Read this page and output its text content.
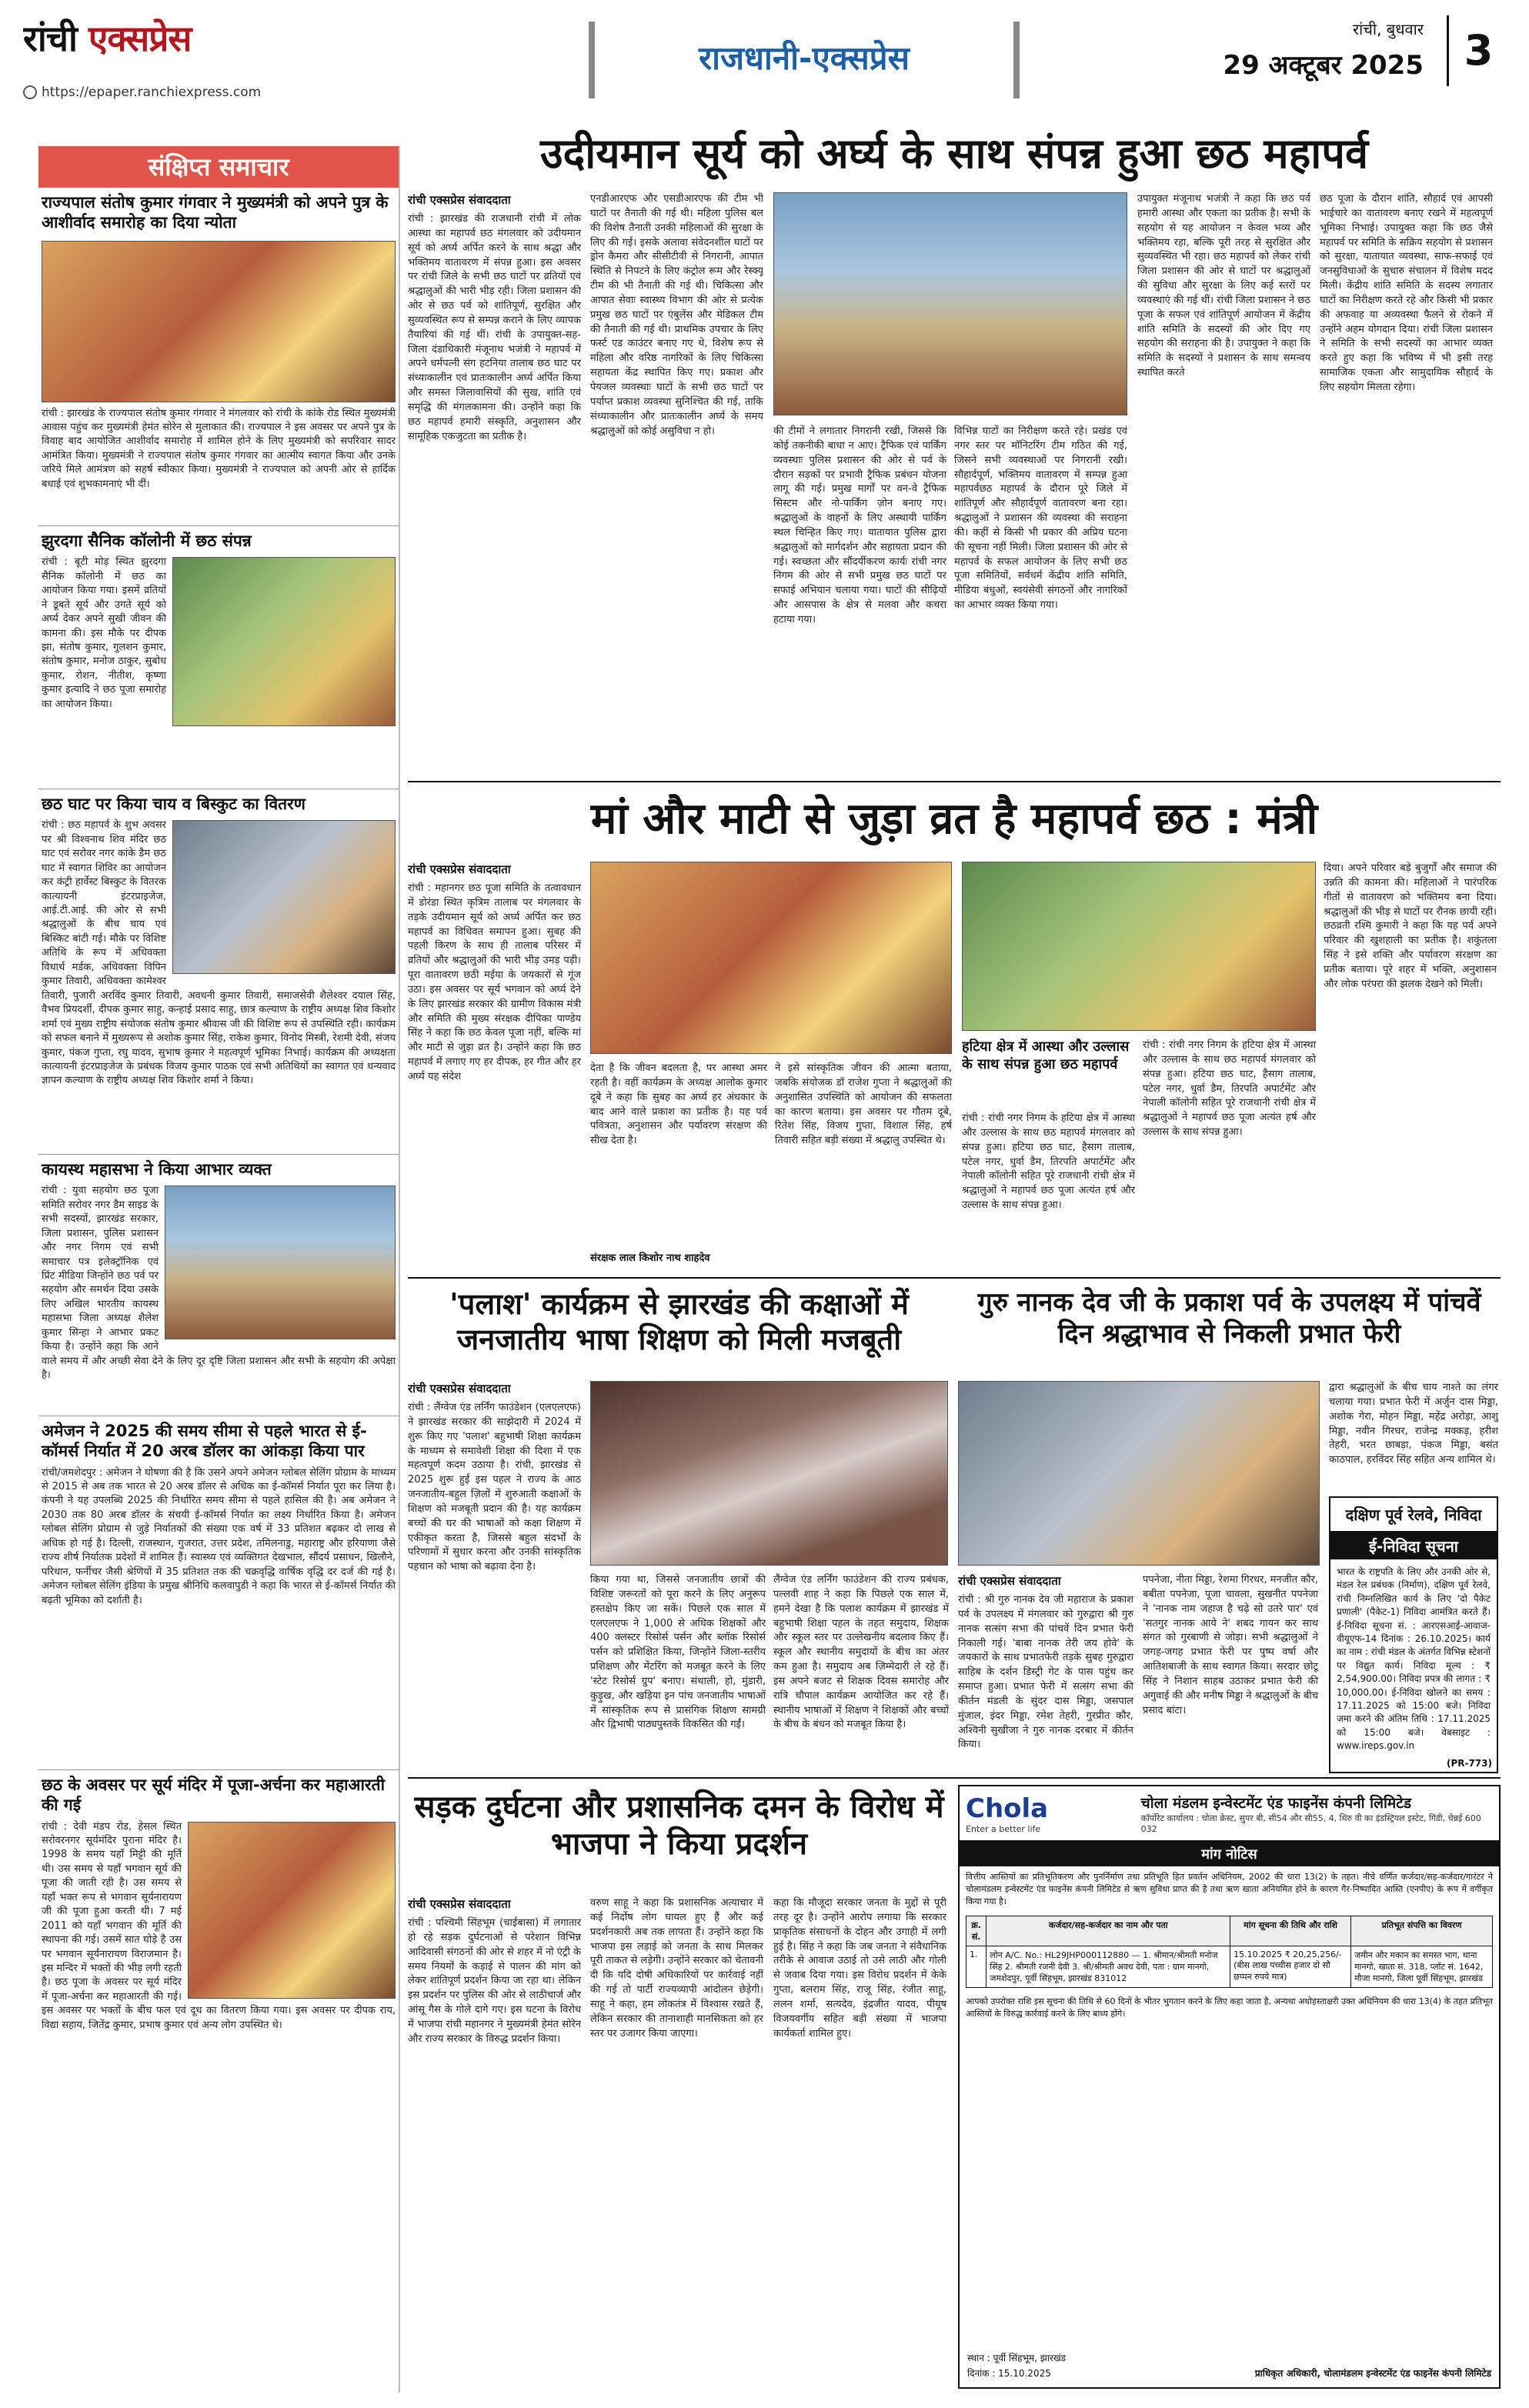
रांची एक्सप्रेस
https://epaper.ranchiexpress.com
राजधानी-एक्सप्रेस
रांची, बुधवार
29 अक्टूबर 2025 3
संक्षिप्त समाचार
राज्यपाल संतोष कुमार गंगवार ने मुख्यमंत्री को अपने पुत्र के आशीर्वाद समारोह का दिया न्योता

रांची : झारखंड के राज्यपाल संतोष कुमार गंगवार ने मंगलवार को रांची के कांके रोड स्थित मुख्यमंत्री आवास पहुंच कर मुख्यमंत्री हेमंत सोरेन से मुलाकात की। राज्यपाल ने इस अवसर पर अपने पुत्र के विवाह बाद आयोजित आशीर्वाद समारोह में शामिल होने के लिए मुख्यमंत्री को सपरिवार सादर आमंत्रित किया। मुख्यमंत्री ने राज्यपाल संतोष कुमार गंगवार का आत्मीय स्वागत किया और उनके जरिये मिले आमंत्रण को सहर्ष स्वीकार किया। मुख्यमंत्री ने राज्यपाल को अपनी ओर से हार्दिक बधाई एवं शुभकामनाएं भी दीं।

झुरदगा सैनिक कॉलोनी में छठ संपन्न

रांची : बूटी मोड़ स्थित झुरदगा सैनिक कॉलोनी में छठ का आयोजन किया गया। इसमें व्रतियों ने डूबते सूर्य और उगते सूर्य को अर्घ्य देकर अपने सुखी जीवन की कामना की। इस मौके पर दीपक झा, संतोष कुमार, गुलशन कुमार, संतोष कुमार, मनोज ठाकुर, सुबोध कुमार, रोशन, नीतीश, कृष्णा कुमार इत्यादि ने छठ पूजा समारोह का आयोजन किया।

छठ घाट पर किया चाय व बिस्कुट का वितरण

रांची : छठ महापर्व के शुभ अवसर पर श्री विश्वनाथ शिव मंदिर छठ घाट एवं सरोवर नगर कांके डैम छठ घाट में स्वागत शिविर का आयोजन कर कंट्री हार्वेस्ट बिस्कुट के वितरक कात्यायनी इंटरप्राइजेज, आई.टी.आई. की ओर से सभी श्रद्धालुओं के बीच चाय एवं बिस्किट बांटी गई। मौके पर विशिष्ट अतिथि के रूप में अधिवक्ता विधार्थ मर्डक, अधिवक्ता विपिन कुमार तिवारी, अधिवक्ता कामेश्वर तिवारी, पुजारी अरविंद कुमार तिवारी, अवधनी कुमार तिवारी, समाजसेवी शैलेश्वर दयाल सिंह, वैभव प्रियदर्शी, दीपक कुमार साहु, कन्हाई प्रसाद साहु, छात्र कल्याण के राष्ट्रीय अध्यक्ष शिव किशोर शर्मा एवं मुख्य राष्ट्रीय संयोजक संतोष कुमार श्रीवास जी की विशिष्ट रूप से उपस्थिति रही। कार्यक्रम को सफल बनाने में मुख्यरूप से अशोक कुमार सिंह, राकेश कुमार, विनोद मिस्त्री, रेशमी देवी, संजय कुमार, पंकज गुप्ता, रघु यादव, सुभाष कुमार ने महत्वपूर्ण भूमिका निभाई। कार्यक्रम की अध्यक्षता कात्यायनी इंटरप्राइजेज के प्रबंधक विजय कुमार पाठक एवं सभी अतिथियों का स्वागत एवं धन्यवाद ज्ञापन कल्याण के राष्ट्रीय अध्यक्ष शिव किशोर शर्मा ने किया।

कायस्थ महासभा ने किया आभार व्यक्त

रांची : युवा सहयोग छठ पूजा समिति सरोवर नगर डैम साइड के सभी सदस्यों, झारखंड सरकार, जिला प्रशासन, पुलिस प्रशासन और नगर निगम एवं सभी समाचार पत्र इलेक्ट्रॉनिक एवं प्रिंट मीडिया जिन्होंने छठ पर्व पर सहयोग और समर्थन दिया उसके लिए अखिल भारतीय कायस्थ महासभा जिला अध्यक्ष शैलेश कुमार सिन्हा ने आभार प्रकट किया है। उन्होंने कहा कि आने वाले समय में और अच्छी सेवा देने के लिए दूर दृष्टि जिला प्रशासन और सभी के सहयोग की अपेक्षा है।

अमेजन ने 2025 की समय सीमा से पहले भारत से ई-कॉमर्स निर्यात में 20 अरब डॉलर का आंकड़ा किया पार

रांची/जमशेदपुर : अमेजन ने घोषणा की है कि उसने अपने अमेजन ग्लोबल सेलिंग प्रोग्राम के माध्यम से 2015 से अब तक भारत से 20 अरब डॉलर से अधिक का ई-कॉमर्स निर्यात पूरा कर लिया है। कंपनी ने यह उपलब्धि 2025 की निर्धारित समय सीमा से पहले हासिल की है। अब अमेजन ने 2030 तक 80 अरब डॉलर के संचयी ई-कॉमर्स निर्यात का लक्ष्य निर्धारित किया है। अमेजन ग्लोबल सेलिंग प्रोग्राम से जुड़े निर्यातकों की संख्या एक वर्ष में 33 प्रतिशत बढ़कर दो लाख से अधिक हो गई है। दिल्ली, राजस्थान, गुजरात, उत्तर प्रदेश, तमिलनाडु, महाराष्ट्र और हरियाणा जैसे राज्य शीर्ष निर्यातक प्रदेशों में शामिल हैं। स्वास्थ्य एवं व्यक्तिगत देखभाल, सौंदर्य प्रसाधन, खिलौने, परिधान, फर्नीचर जैसी श्रेणियों में 35 प्रतिशत तक की चक्रवृद्धि वार्षिक वृद्धि दर दर्ज की गई है। अमेजन ग्लोबल सेलिंग इंडिया के प्रमुख श्रीनिधि कलवापुडी ने कहा कि भारत से ई-कॉमर्स निर्यात की बढ़ती भूमिका को दर्शाती है।

छठ के अवसर पर सूर्य मंदिर में पूजा-अर्चना कर महाआरती की गई

रांची : देवी मंडप रोड, हेसल स्थित सरोवरनगर सूर्यमंदिर पुराना मंदिर है। 1998 के समय यहाँ मिट्टी की मूर्ति थी। उस समय से यहाँ भगवान सूर्य की पूजा की जाती रही है। उस समय से यहाँ भक्त रूप से भगवान सूर्यनारायण जी की पूजा हुआ करती थी। 7 मई 2011 को यहाँ भगवान की मूर्ति की स्थापना की गई। उसमें सात घोड़े है उस पर भगवान सूर्यनारायण विराजमान है। इस मन्दिर में भक्तों की भीड़ लगी रहती है। छठ पूजा के अवसर पर सूर्य मंदिर में पूजा-अर्चना कर महाआरती की गई। इस अवसर पर भक्तों के बीच फल एवं दूध का वितरण किया गया। इस अवसर पर दीपक राय, विद्या सहाय, जितेंद्र कुमार, प्रभाष कुमार एवं अन्य लोग उपस्थित थे।

उदीयमान सूर्य को अर्घ्य के साथ संपन्न हुआ छठ महापर्व
रांची एक्सप्रेस संवाददाता
रांची : झारखंड की राजधानी रांची में लोक आस्था का महापर्व छठ मंगलवार को उदीयमान सूर्य को अर्घ्य अर्पित करने के साथ श्रद्धा और भक्तिमय वातावरण में संपन्न हुआ। इस अवसर पर रांची जिले के सभी छठ घाटों पर व्रतियों एवं श्रद्धालुओं की भारी भीड़ रही। जिला प्रशासन की ओर से छठ पर्व को शांतिपूर्ण, सुरक्षित और सुव्यवस्थित रूप से सम्पन्न कराने के लिए व्यापक तैयारियां की गई थीं। रांची के उपायुक्त-सह-जिला दंडाधिकारी मंजूनाथ भजंत्री ने महापर्व में अपने धर्मपत्नी संग हटनिया तालाब छठ घाट पर संध्याकालीन एवं प्रातःकालीन अर्घ्य अर्पित किया और समस्त जिलावासियों की सुख, शांति एवं समृद्धि की मंगलकामना की। उन्होंने कहा कि छठ महापर्व हमारी संस्कृति, अनुशासन और सामूहिक एकजुटता का प्रतीक है।
एनडीआरएफ और एसडीआरएफ की टीम भी घाटों पर तैनाती की गई थी। महिला पुलिस बल की विशेष तैनाती उनकी महिलाओं की सुरक्षा के लिए की गई। इसके अलावा संवेदनशील घाटों पर ड्रोन कैमरा और सीसीटीवी से निगरानी, आपात स्थिति से निपटने के लिए कंट्रोल रूम और रेस्क्यू टीम की भी तैनाती की गई थी। चिकित्सा और आपात सेवाः स्वास्थ्य विभाग की ओर से प्रत्येक प्रमुख छठ घाटों पर एंबुलेंस और मेडिकल टीम की तैनाती की गई थी। प्राथमिक उपचार के लिए फर्स्ट एड काउंटर बनाए गए थे, विशेष रूप से महिला और वरिष्ठ नागरिकों के लिए चिकित्सा सहायता केंद्र स्थापित किए गए। प्रकाश और पेयजल व्यवस्थाः घाटों के सभी छठ घाटों पर पर्याप्त प्रकाश व्यवस्था सुनिश्चित की गई, ताकि संध्याकालीन और प्रातःकालीन अर्घ्य के समय श्रद्धालुओं को कोई असुविधा न हो।	की टीमों ने लगातार निगरानी रखी, जिससे कि कोई तकनीकी बाधा न आए। ट्रैफिक एवं पार्किंग व्यवस्थाः पुलिस प्रशासन की ओर से पर्व के दौरान सड़कों पर प्रभावी ट्रैफिक प्रबंधन योजना लागू की गई। प्रमुख मार्गों पर वन-वे ट्रैफिक सिस्टम और नो-पार्किंग ज़ोन बनाए गए। श्रद्धालुओं के वाहनों के लिए अस्थायी पार्किंग स्थल चिन्हित किए गए। यातायात पुलिस द्वारा श्रद्धालुओं को मार्गदर्शन और सहायता प्रदान की गई। स्वच्छता और सौंदर्यीकरण कार्यः रांची नगर निगम की ओर से सभी प्रमुख छठ घाटों पर सफाई अभियान चलाया गया। घाटों की सीढ़ियों और आसपास के क्षेत्र से मलवा और कचरा हटाया गया।
विभिन्न घाटों का निरीक्षण करते रहे। प्रखंड एवं नगर स्तर पर मॉनिटरिंग टीम गठित की गई, जिसने सभी व्यवस्थाओं पर निगरानी रखी। सौहार्दपूर्ण, भक्तिमय वातावरण में सम्पन्न हुआ महापर्वछठ महापर्व के दौरान पूरे जिले में शांतिपूर्ण और सौहार्दपूर्ण वातावरण बना रहा। श्रद्धालुओं ने प्रशासन की व्यवस्था की सराहना की। कहीं से किसी भी प्रकार की अप्रिय घटना की सूचना नहीं मिली। जिला प्रशासन की ओर से महापर्व के सफल आयोजन के लिए सभी छठ पूजा समितियों, सर्वधर्म केंद्रीय शांति समिति, मीडिया बंधुओं, स्वयंसेवी संगठनों और नागरिकों का आभार व्यक्त किया गया।
उपायुक्त मंजूनाथ भजंत्री ने कहा कि छठ पर्व हमारी आस्था और एकता का प्रतीक है। सभी के सहयोग से यह आयोजन न केवल भव्य और भक्तिमय रहा, बल्कि पूरी तरह से सुरक्षित और सुव्यवस्थित भी रहा। छठ महापर्व को लेकर रांची जिला प्रशासन की ओर से घाटों पर श्रद्धालुओं की सुविधा और सुरक्षा के लिए कई स्तरों पर व्यवस्थाएं की गई थीं। रांची जिला प्रशासन ने छठ पूजा के सफल एवं शांतिपूर्ण आयोजन में केंद्रीय शांति समिति के सदस्यों की ओर दिए गए सहयोग की सराहना की है। उपायुक्त ने कहा कि समिति के सदस्यों ने प्रशासन के साथ समन्वय स्थापित करते
छठ पूजा के दौरान शांति, सौहार्द एवं आपसी भाईचारे का वातावरण बनाए रखने में महत्वपूर्ण भूमिका निभाई। उपायुक्त कहा कि छठ जैसे महापर्व पर समिति के सक्रिय सहयोग से प्रशासन को सुरक्षा, यातायात व्यवस्था, साफ-सफाई एवं जनसुविधाओं के सुचारु संचालन में विशेष मदद मिली। केंद्रीय शांति समिति के सदस्य लगातार घाटों का निरीक्षण करते रहे और किसी भी प्रकार की अफवाह या अव्यवस्था फैलने से रोकने में उन्होंने अहम योगदान दिया। रांची जिला प्रशासन ने समिति के सभी सदस्यों का आभार व्यक्त करते हुए कहा कि भविष्य में भी इसी तरह सामाजिक एकता और सामुदायिक सौहार्द के लिए सहयोग मिलता रहेगा।
मां और माटी से जुड़ा व्रत है महापर्व छठ : मंत्री
रांची एक्सप्रेस संवाददाता
रांची : महानगर छठ पूजा समिति के तत्वावधान में डोरंडा स्थित कृत्रिम तालाब पर मंगलवार के तड़के उदीयमान सूर्य को अर्घ्य अर्पित कर छठ महापर्व का विधिवत समापन हुआ। सुबह की पहली किरण के साथ ही तालाब परिसर में व्रतियों और श्रद्धालुओं की भारी भीड़ उमड़ पड़ी। पूरा वातावरण छठी मईया के जयकारों से गूंज उठा। इस अवसर पर सूर्य भगवान को अर्घ्य देने के लिए झारखंड सरकार की ग्रामीण विकास मंत्री और समिति की मुख्य संरक्षक दीपिका पाण्डेय सिंह ने कहा कि छठ केवल पूजा नहीं, बल्कि मां और माटी से जुड़ा व्रत है। उन्होंने कहा कि छठ महापर्व में लगाए गए हर दीपक, हर गीत और हर अर्घ्य यह संदेश
देता है कि जीवन बदलता है, पर आस्था अमर रहती है। वहीं कार्यक्रम के अध्यक्ष आलोक कुमार दूबे ने कहा कि सुबह का अर्घ्य हर अंधकार के बाद आने वाले प्रकाश का प्रतीक है। यह पर्व पवित्रता, अनुशासन और पर्यावरण संरक्षण की सीख देता है।
ने इसे सांस्कृतिक जीवन की आत्मा बताया, जबकि संयोजक डॉ राजेश गुप्ता ने श्रद्धालुओं की अनुशासित उपस्थिति को आयोजन की सफलता का कारण बताया। इस अवसर पर गौतम दूबे, रितेश सिंह, विजय गुप्ता, विशाल सिंह, हर्ष तिवारी सहित बड़ी संख्या में श्रद्धालु उपस्थित थे।
संरक्षक लाल किशोर नाथ शाहदेव
हटिया क्षेत्र में आस्था और उल्लास के साथ संपन्न हुआ छठ महापर्व
रांची : रांची नगर निगम के हटिया क्षेत्र में आस्था और उल्लास के साथ छठ महापर्व मंगलवार को संपन्न हुआ। हटिया छठ घाट, हैसाग तालाब, पटेल नगर, धुर्वा डैम, तिरपति अपार्टमेंट और नेपाली कॉलोनी सहित पूरे राजधानी रांची क्षेत्र में श्रद्धालुओं ने महापर्व छठ पूजा अत्यंत हर्ष और उल्लास के साथ संपन्न हुआ।
रांची : रांची नगर निगम के हटिया क्षेत्र में आस्था और उल्लास के साथ छठ महापर्व मंगलवार को संपन्न हुआ। हटिया छठ घाट, हैसाग तालाब, पटेल नगर, धुर्वा डैम, तिरपति अपार्टमेंट और नेपाली कॉलोनी सहित पूरे राजधानी रांची क्षेत्र में श्रद्धालुओं ने महापर्व छठ पूजा अत्यंत हर्ष और उल्लास के साथ संपन्न हुआ।
दिया। अपने परिवार बड़े बुजुर्गों और समाज की उन्नति की कामना की। महिलाओं ने पारंपरिक गीतों से वातावरण को भक्तिमय बना दिया। श्रद्धालुओं की भीड़ से घाटों पर रौनक छायी रही। छठव्रती रश्मि कुमारी ने कहा कि यह पर्व अपने परिवार की खुशहाली का प्रतीक है। शकुंतला सिंह ने इसे शक्ति और पर्यावरण संरक्षण का प्रतीक बताया। पूरे शहर में भक्ति, अनुशासन और लोक परंपरा की झलक देखने को मिली।
'पलाश' कार्यक्रम से झारखंड की कक्षाओं में जनजातीय भाषा शिक्षण को मिली मजबूती
रांची एक्सप्रेस संवाददाता
रांची : लैंग्वेज एंड लर्निंग फाउंडेशन (एलएलएफ) ने झारखंड सरकार की साझेदारी में 2024 में शुरू किए गए 'पलाश' बहुभाषी शिक्षा कार्यक्रम के माध्यम से समावेशी शिक्षा की दिशा में एक महत्वपूर्ण कदम उठाया है। रांची, झारखंड से 2025 शुरू हुई इस पहल ने राज्य के आठ जनजातीय-बहुल ज़िलों में शुरुआती कक्षाओं के शिक्षण को मजबूती प्रदान की है। यह कार्यक्रम बच्चों की घर की भाषाओं को कक्षा शिक्षण में एकीकृत करता है, जिससे बहुल संदर्भों के परिणामों में सुधार करना और उनकी सांस्कृतिक पहचान को भाषा को बढ़ावा देना है।
किया गया था, जिससे जनजातीय छात्रों की विशिष्ट जरूरतों को पूरा करने के लिए अनुरूप हस्तक्षेप किए जा सकें। पिछले एक साल में एलएलएफ ने 1,000 से अधिक शिक्षकों और 400 क्लस्टर रिसोर्स पर्सन और ब्लॉक रिसोर्स पर्सन को प्रशिक्षित किया, जिन्होंने जिला-स्तरीय प्रशिक्षण और मेंटरिंग को मजबूत करने के लिए 'स्टेट रिसोर्स ग्रुप' बनाए। संथाली, हो, मुंडारी, कुड़ुख, और खड़िया इन पांच जनजातीय भाषाओं में सांस्कृतिक रूप से प्रासंगिक शिक्षण सामग्री और द्विभाषी पाठ्यपुस्तकें विकसित की गईं।
लैंग्वेज एंड लर्निंग फाउंडेशन की राज्य प्रबंधक, पल्लवी शाह ने कहा कि पिछले एक साल में, हमने देखा है कि पलाश कार्यक्रम में झारखंड में बहुभाषी शिक्षा पहल के तहत समुदाय, शिक्षक और स्कूल स्तर पर उल्लेखनीय बदलाव किए हैं। स्कूल और स्थानीय समुदायों के बीच का अंतर कम हुआ है। समुदाय अब ज़िम्मेदारी ले रहे हैं। इस अपने बजट से शिक्षक दिवस समारोह और रात्रि चौपाल कार्यक्रम आयोजित कर रहे हैं। स्थानीय भाषाओं में शिक्षण ने शिक्षकों और बच्चों के बीच के बंधन को मजबूत किया है।
गुरु नानक देव जी के प्रकाश पर्व के उपलक्ष्य में पांचवें दिन श्रद्धाभाव से निकली प्रभात फेरी
रांची एक्सप्रेस संवाददाता
रांची : श्री गुरु नानक देव जी महाराज के प्रकाश पर्व के उपलक्ष्य में मंगलवार को गुरुद्वारा श्री गुरु नानक सत्संग सभा की पांचवें दिन प्रभात फेरी निकाली गई। 'बाबा नानक तेरी जय होवे' के जयकारों के साथ प्रभातफेरी तड़के सुबह गुरुद्वारा साहिब के दर्शन डिस्ट्री गेट के पास पहुंच कर समाप्त हुआ। प्रभात फेरी में सत्संग सभा की कीर्तन मंडली के सुंदर दास मिड्डा, जसपाल मुंजाल, इंदर मिड्डा, रमेश तेहरी, गुरप्रीत कौर, अश्विनी सुखीजा ने गुरु नानक दरबार में कीर्तन किया।
पपनेजा, नीता मिड्डा, रेशमा गिरधर, मनजीत कौर, बबीता पपनेजा, पूजा चावला, सुखनीत पपनेजा ने 'नानक नाम जहाज है चढ़े सो उतरे पार' एवं 'सतगुर नानक आये ने' शबद गायन कर साथ संगत को गुरबाणी से जोड़ा। सभी श्रद्धालुओं ने जगह-जगह प्रभात फेरी पर पुष्प वर्षा और आतिशबाजी के साथ स्वागत किया। सरदार छोटू सिंह ने निशान साहब उठाकर प्रभात फेरी की अगुवाई की और मनीष मिड्डा ने श्रद्धालुओं के बीच प्रसाद बांटा।
द्वारा श्रद्धालुओं के बीच चाय नाश्ते का लंगर चलाया गया। प्रभात फेरी में अर्जुन दास मिड्डा, अशोक गेरा, मोहन मिड्डा, महेंद्र अरोड़ा, आशु मिड्डा, नवीन गिरधर, राजेन्द्र मक्कड़, हरीश तेहरी, भरत छाबड़ा, पंकज मिड्डा, बसंत काठपाल, हरविंदर सिंह सहित अन्य शामिल थे।
दक्षिण पूर्व रेलवे, निविदा
ई-निविदा सूचना
भारत के राष्ट्रपति के लिए और उनकी ओर से, मंडल रेल प्रबंधक (निर्माण), दक्षिण पूर्व रेलवे, रांची निम्नलिखित कार्य के लिए 'दो पैकेट प्रणाली' (पैकेट-1) निविदा आमंत्रित करते हैं। ई-निविदा सूचना सं. : आरएसआई-आवाज-वीयूएफ-14 दिनांक : 26.10.2025। कार्य का नाम : रांची मंडल के अंतर्गत विभिन्न स्टेशनों पर विद्युत कार्य। निविदा मूल्य : ₹ 2,54,900.00। निविदा प्रपत्र की लागत : ₹ 10,000.00। ई-निविदा खोलने का समय : 17.11.2025 को 15:00 बजे। निविदा जमा करने की अंतिम तिथि : 17.11.2025 को 15:00 बजे। वेबसाइट : www.ireps.gov.in
(PR-773)
सड़क दुर्घटना और प्रशासनिक दमन के विरोध में भाजपा ने किया प्रदर्शन
रांची एक्सप्रेस संवाददाता
रांची : पश्चिमी सिंहभूम (चाईबासा) में लगातार हो रहे सड़क दुर्घटनाओं से परेशान विभिन्न आदिवासी संगठनों की ओर से शहर में नो एंट्री के समय नियमों के कड़ाई से पालन की मांग को लेकर शांतिपूर्ण प्रदर्शन किया जा रहा था। लेकिन इस प्रदर्शन पर पुलिस की ओर से लाठीचार्ज और आंसू गैस के गोले दागे गए। इस घटना के विरोध में भाजपा रांची महानगर ने मुख्यमंत्री हेमंत सोरेन और राज्य सरकार के विरुद्ध प्रदर्शन किया।
वरुण साहू ने कहा कि प्रशासनिक अत्याचार में कई निर्दोष लोग घायल हुए हैं और कई प्रदर्शनकारी अब तक लापता हैं। उन्होंने कहा कि भाजपा इस लड़ाई को जनता के साथ मिलकर पूरी ताकत से लड़ेगी। उन्होंने सरकार को चेतावनी दी कि यदि दोषी अधिकारियों पर कार्रवाई नहीं की गई तो पार्टी राज्यव्यापी आंदोलन छेड़ेगी। साहू ने कहा, हम लोकतंत्र में विश्वास रखते हैं, लेकिन सरकार की तानाशाही मानसिकता को हर स्तर पर उजागर किया जाएगा।
कहा कि मौजूदा सरकार जनता के मुद्दों से पूरी तरह दूर है। उन्होंने आरोप लगाया कि सरकार प्राकृतिक संसाधनों के दोहन और उगाही में लगी हुई है। सिंह ने कहा कि जब जनता ने संवैधानिक तरीके से आवाज उठाई तो उसे लाठी और गोली से जवाब दिया गया। इस विरोध प्रदर्शन में केके गुप्ता, बलराम सिंह, राजू सिंह, रंजीत साहू, ललन शर्मा, सत्यदेव, इंद्रजीत यादव, पीयूष विजयवर्गीय सहित बड़ी संख्या में भाजपा कार्यकर्ता शामिल हुए।
Chola
Enter a better life
चोला मंडलम इन्वेस्टमेंट एंड फाइनेंस कंपनी लिमिटेड
कॉर्पोरेट कार्यालय : चोला क्रेस्ट, सुपर बी, सी54 और सी55, 4, थिरु वी का इंडस्ट्रियल इस्टेट, गिंडी, चेन्नई 600 032
मांग नोटिस
वित्तीय आस्तियों का प्रतिभूतिकरण और पुनर्निर्माण तथा प्रतिभूति हित प्रवर्तन अधिनियम, 2002 की धारा 13(2) के तहत। नीचे वर्णित कर्जदार/सह-कर्जदार/गारंटर ने चोलामंडलम इन्वेस्टमेंट एंड फाइनेंस कंपनी लिमिटेड से ऋण सुविधा प्राप्त की है तथा ऋण खाता अनियमित होने के कारण गैर-निष्पादित आस्ति (एनपीए) के रूप में वर्गीकृत किया गया है।
क्र. सं.	कर्जदार/सह-कर्जदार का नाम और पता	मांग सूचना की तिथि और राशि	प्रतिभूत संपत्ति का विवरण
1.	लोन A/C. No.: HL29JHP000112880 — 1. श्रीमान/श्रीमती मनोज सिंह 2. श्रीमती रजनी देवी 3. श्री/श्रीमती अवध देवी, पता : ग्राम मानगो, जमशेदपुर, पूर्वी सिंहभूम, झारखंड 831012	15.10.2025 ₹ 20,25,256/- (बीस लाख पच्चीस हजार दो सौ छप्पन रुपये मात्र)	जमीन और मकान का समस्त भाग, थाना मानगो, खाता सं. 318, प्लॉट सं. 1642, मौजा मानगो, जिला पूर्वी सिंहभूम, झारखंड
आपको उपरोक्त राशि इस सूचना की तिथि से 60 दिनों के भीतर भुगतान करने के लिए कहा जाता है, अन्यथा अधोहस्ताक्षरी उक्त अधिनियम की धारा 13(4) के तहत प्रतिभूत आस्तियों के विरुद्ध कार्रवाई करने के लिए बाध्य होंगे।
स्थान : पूर्वी सिंहभूम, झारखंड
दिनांक : 15.10.2025	प्राधिकृत अधिकारी, चोलामंडलम इन्वेस्टमेंट एंड फाइनेंस कंपनी लिमिटेड
